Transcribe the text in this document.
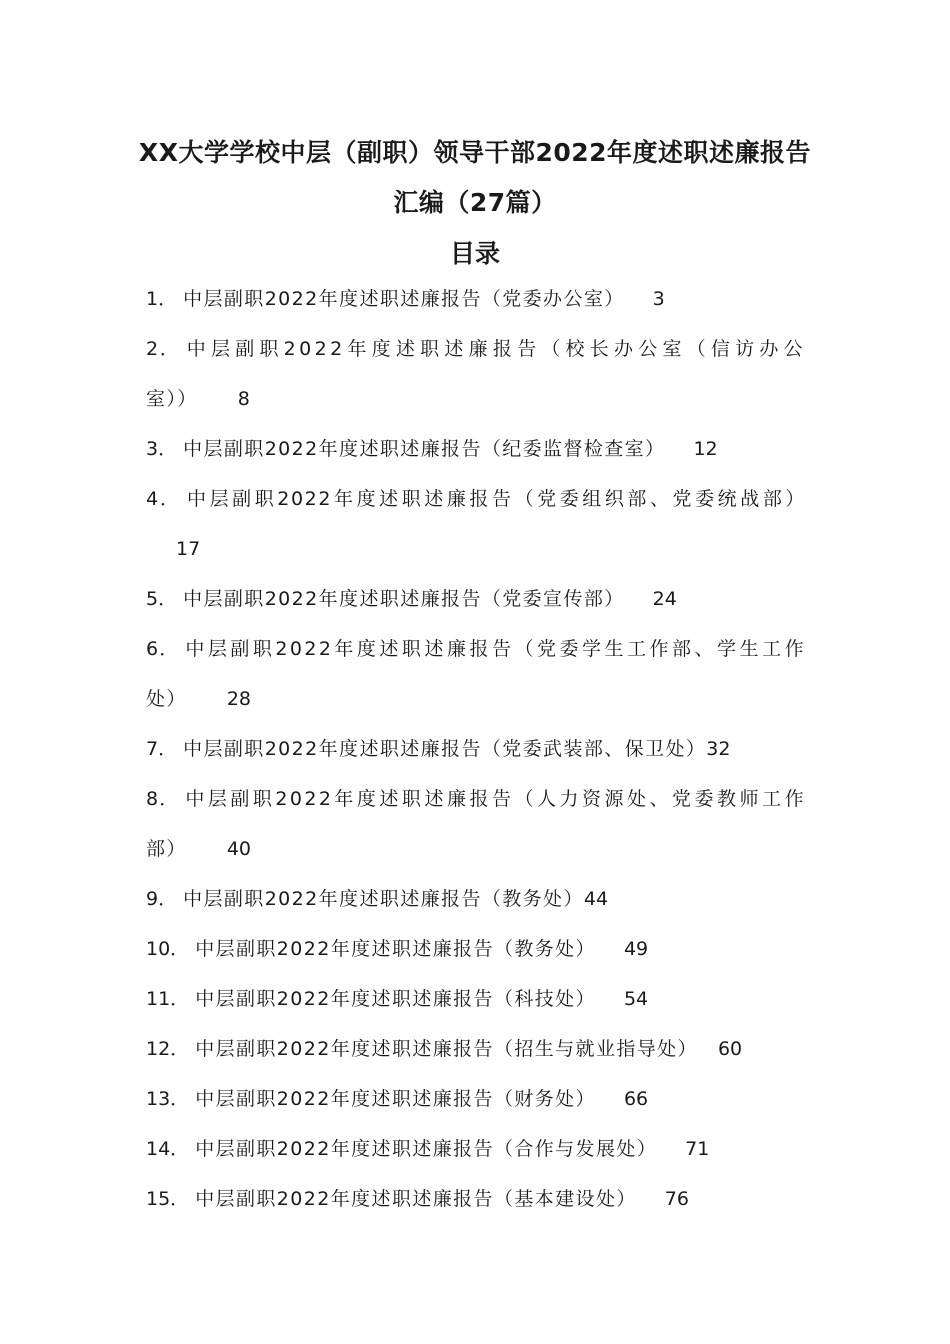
XX大学学校中层（副职）领导干部2022年度述职述廉报告
汇编（27篇）
目录
1． 中层副职2022年度述职述廉报告（党委办公室） 3
2． 中层副职2022年度述职述廉报告（校长办公室（信访办公
室）） 8
3． 中层副职2022年度述职述廉报告（纪委监督检查室） 12
4． 中层副职2022年度述职述廉报告（党委组织部、党委统战部）
17
5． 中层副职2022年度述职述廉报告（党委宣传部） 24
6． 中层副职2022年度述职述廉报告（党委学生工作部、学生工作
处） 28
7． 中层副职2022年度述职述廉报告（党委武装部、保卫处）32
8． 中层副职2022年度述职述廉报告（人力资源处、党委教师工作
部） 40
9． 中层副职2022年度述职述廉报告（教务处）44
10． 中层副职2022年度述职述廉报告（教务处） 49
11． 中层副职2022年度述职述廉报告（科技处） 54
12． 中层副职2022年度述职述廉报告（招生与就业指导处） 60
13． 中层副职2022年度述职述廉报告（财务处） 66
14． 中层副职2022年度述职述廉报告（合作与发展处） 71
15． 中层副职2022年度述职述廉报告（基本建设处） 76
